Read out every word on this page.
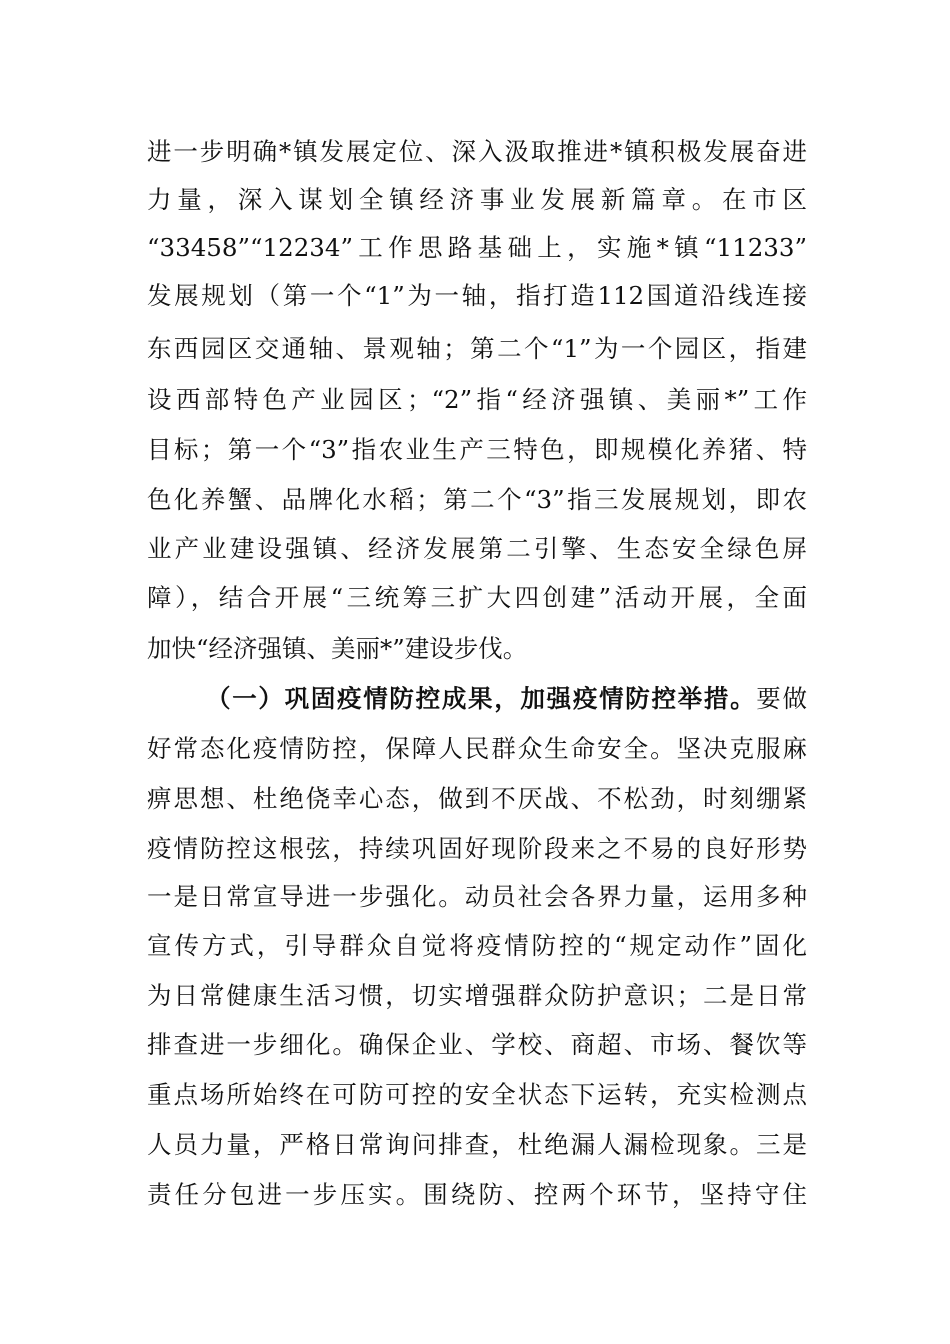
进一步明确*镇发展定位、深入汲取推进*镇积极发展奋进
力量，深入谋划全镇经济事业发展新篇章。在市区
“33458”“12234”工作思路基础上，实施*镇“11233”
发展规划（第一个“1”为一轴，指打造112国道沿线连接
东西园区交通轴、景观轴；第二个“1”为一个园区，指建
设西部特色产业园区；“2”指“经济强镇、美丽*”工作
目标；第一个“3”指农业生产三特色，即规模化养猪、特
色化养蟹、品牌化水稻；第二个“3”指三发展规划，即农
业产业建设强镇、经济发展第二引擎、生态安全绿色屏
障），结合开展“三统筹三扩大四创建”活动开展，全面
加快“经济强镇、美丽*”建设步伐。
（一）巩固疫情防控成果，加强疫情防控举措。要做
好常态化疫情防控，保障人民群众生命安全。坚决克服麻
痹思想、杜绝侥幸心态，做到不厌战、不松劲，时刻绷紧
疫情防控这根弦，持续巩固好现阶段来之不易的良好形势
一是日常宣导进一步强化。动员社会各界力量，运用多种
宣传方式，引导群众自觉将疫情防控的“规定动作”固化
为日常健康生活习惯，切实增强群众防护意识；二是日常
排查进一步细化。确保企业、学校、商超、市场、餐饮等
重点场所始终在可防可控的安全状态下运转，充实检测点
人员力量，严格日常询问排查，杜绝漏人漏检现象。三是
责任分包进一步压实。围绕防、控两个环节，坚持守住
